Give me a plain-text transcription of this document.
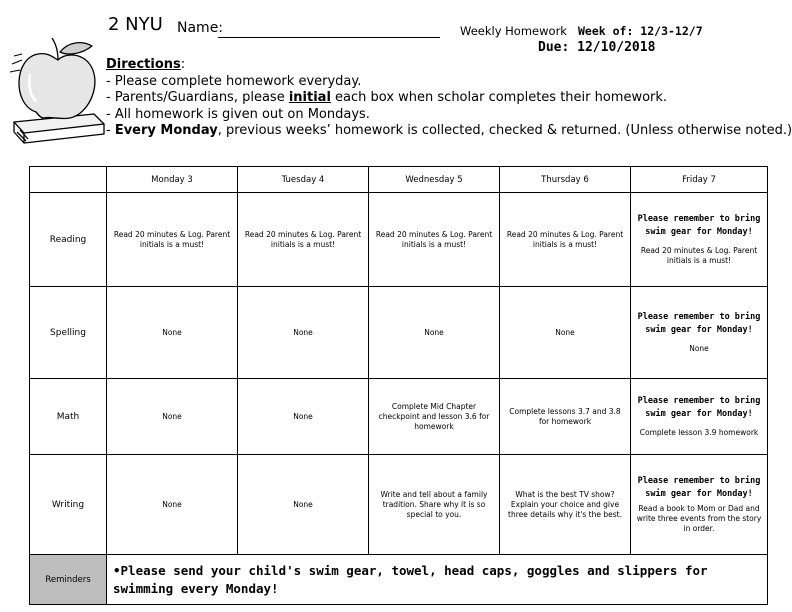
2 NYU Name:	Weekly Homework Week of: 12/3-12/7
Due: 12/10/2018
Directions:
- Please complete homework everyday.
- Parents/Guardians, please initial each box when scholar completes their homework.
- All homework is given out on Mondays.
- Every Monday, previous weeks’ homework is collected, checked & returned. (Unless otherwise noted.)
	Monday 3	Tuesday 4	Wednesday 5	Thursday 6	Friday 7
Reading	Read 20 minutes & Log. Parent initials is a must!	Read 20 minutes & Log. Parent initials is a must!	Read 20 minutes & Log. Parent initials is a must!	Read 20 minutes & Log. Parent initials is a must!	Please remember to bring swim gear for Monday!
Read 20 minutes & Log. Parent initials is a must!

Spelling	None	None	None	None	Please remember to bring swim gear for Monday!
None

Math	None	None	Complete Mid Chapter checkpoint and lesson 3.6 for homework	Complete lessons 3.7 and 3.8 for homework	Please remember to bring swim gear for Monday!
Complete lesson 3.9 homework

Writing	None	None	Write and tell about a family tradition. Share why it is so special to you.	What is the best TV show? Explain your choice and give three details why it's the best.	Please remember to bring swim gear for Monday!
Read a book to Mom or Dad and write three events from the story in order.

Reminders	•Please send your child's swim gear, towel, head caps, goggles and slippers for swimming every Monday!				
